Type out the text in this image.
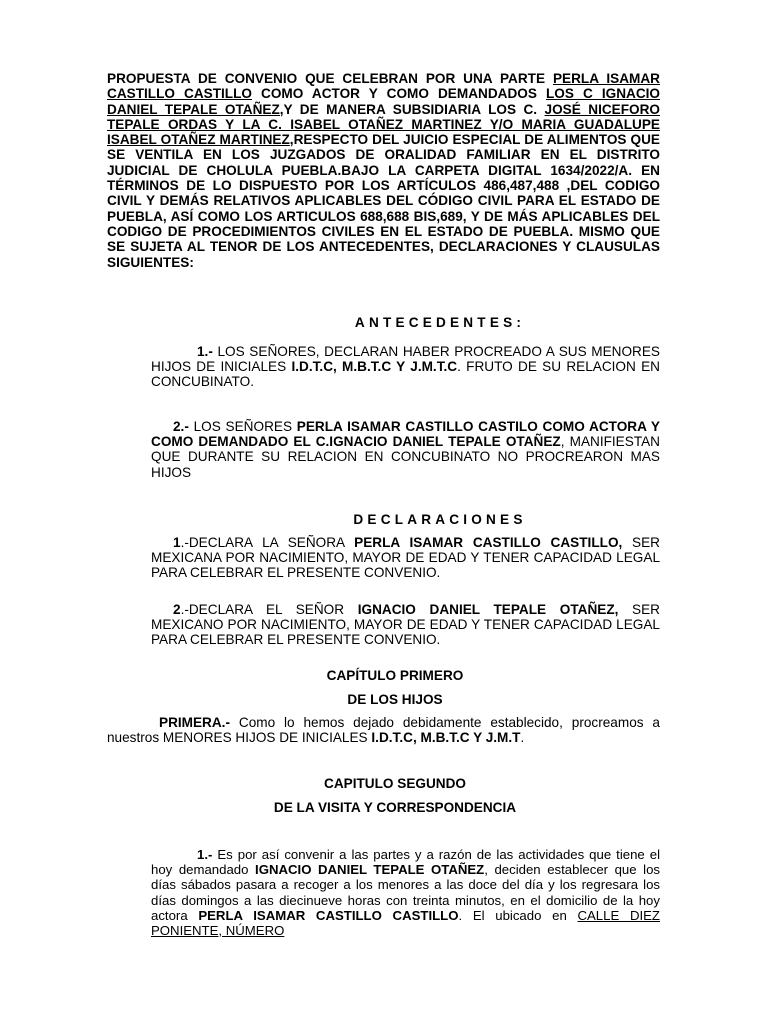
PROPUESTA DE CONVENIO QUE CELEBRAN POR UNA PARTE PERLA ISAMAR CASTILLO CASTILLO COMO ACTOR Y COMO DEMANDADOS LOS C IGNACIO DANIEL TEPALE OTAÑEZ,Y DE MANERA SUBSIDIARIA LOS C. JOSÉ NICEFORO TEPALE ORDAS Y LA C. ISABEL OTAÑEZ MARTINEZ Y/O MARIA GUADALUPE ISABEL OTAÑEZ MARTINEZ,RESPECTO DEL JUICIO ESPECIAL DE ALIMENTOS QUE SE VENTILA EN LOS JUZGADOS DE ORALIDAD FAMILIAR EN EL DISTRITO JUDICIAL DE CHOLULA PUEBLA.BAJO LA CARPETA DIGITAL 1634/2022/A. EN TÉRMINOS DE LO DISPUESTO POR LOS ARTÍCULOS 486,487,488 ,DEL CODIGO CIVIL Y DEMÁS RELATIVOS APLICABLES DEL CÓDIGO CIVIL PARA EL ESTADO DE PUEBLA, ASÍ COMO LOS ARTICULOS 688,688 BIS,689, Y DE MÁS APLICABLES DEL CODIGO DE PROCEDIMIENTOS CIVILES EN EL ESTADO DE PUEBLA. MISMO QUE SE SUJETA AL TENOR DE LOS ANTECEDENTES, DECLARACIONES Y CLAUSULAS SIGUIENTES:

ANTECEDENTES:

1.- LOS SEÑORES, DECLARAN HABER PROCREADO A SUS MENORES HIJOS DE INICIALES I.D.T.C, M.B.T.C Y J.M.T.C. FRUTO DE SU RELACION EN CONCUBINATO.

2.- LOS SEÑORES PERLA ISAMAR CASTILLO CASTILO COMO ACTORA Y COMO DEMANDADO EL C.IGNACIO DANIEL TEPALE OTAÑEZ, MANIFIESTAN QUE DURANTE SU RELACION EN CONCUBINATO NO PROCREARON MAS HIJOS

DECLARACIONES

1.-DECLARA LA SEÑORA PERLA ISAMAR CASTILLO CASTILLO, SER MEXICANA POR NACIMIENTO, MAYOR DE EDAD Y TENER CAPACIDAD LEGAL PARA CELEBRAR EL PRESENTE CONVENIO.

2.-DECLARA EL SEÑOR IGNACIO DANIEL TEPALE OTAÑEZ, SER MEXICANO POR NACIMIENTO, MAYOR DE EDAD Y TENER CAPACIDAD LEGAL PARA CELEBRAR EL PRESENTE CONVENIO.

CAPÍTULO PRIMERO
DE LOS HIJOS

PRIMERA.- Como lo hemos dejado debidamente establecido, procreamos a nuestros MENORES HIJOS DE INICIALES I.D.T.C, M.B.T.C Y J.M.T.

CAPITULO SEGUNDO
DE LA VISITA Y CORRESPONDENCIA

1.- Es por así convenir a las partes y a razón de las actividades que tiene el hoy demandado IGNACIO DANIEL TEPALE OTAÑEZ, deciden establecer que los días sábados pasara a recoger a los menores a las doce del día y los regresara los días domingos a las diecinueve horas con treinta minutos, en el domicilio de la hoy actora PERLA ISAMAR CASTILLO CASTILLO. El ubicado en CALLE DIEZ PONIENTE, NÚMERO
